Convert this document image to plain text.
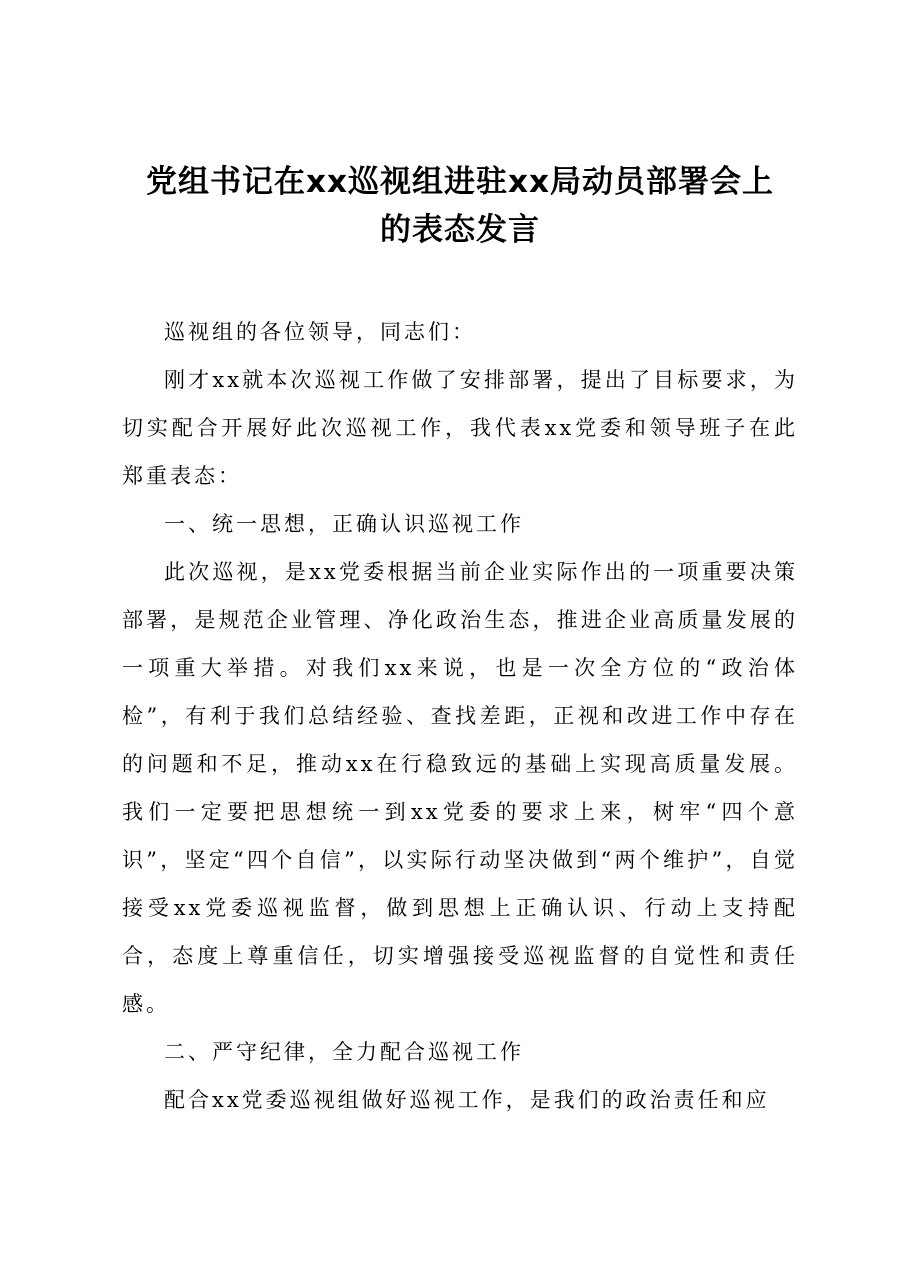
党组书记在xx巡视组进驻xx局动员部署会上
的表态发言

巡视组的各位领导，同志们：

刚才xx就本次巡视工作做了安排部署，提出了目标要求，为切实配合开展好此次巡视工作，我代表xx党委和领导班子在此郑重表态：

一、统一思想，正确认识巡视工作

此次巡视，是xx党委根据当前企业实际作出的一项重要决策部署，是规范企业管理、净化政治生态，推进企业高质量发展的一项重大举措。对我们xx来说，也是一次全方位的“政治体检”，有利于我们总结经验、查找差距，正视和改进工作中存在的问题和不足，推动xx在行稳致远的基础上实现高质量发展。我们一定要把思想统一到xx党委的要求上来，树牢“四个意识”，坚定“四个自信”，以实际行动坚决做到“两个维护”，自觉接受xx党委巡视监督，做到思想上正确认识、行动上支持配合，态度上尊重信任，切实增强接受巡视监督的自觉性和责任感。

二、严守纪律，全力配合巡视工作

配合xx党委巡视组做好巡视工作，是我们的政治责任和应
